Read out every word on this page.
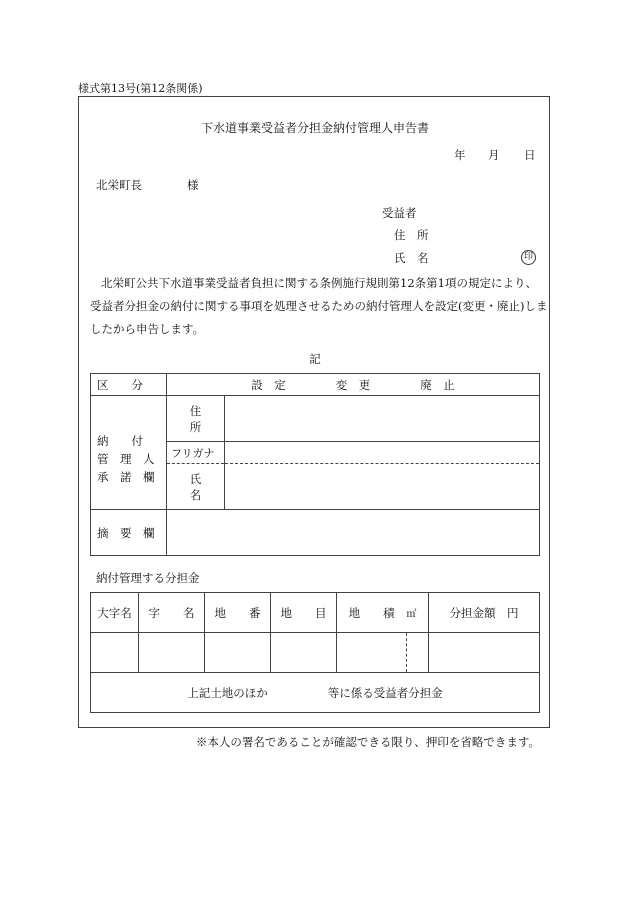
様式第13号(第12条関係)
下水道事業受益者分担金納付管理人申告書
年 月 日
北栄町長	様
受益者
住　所
氏　名	印
北栄町公共下水道事業受益者負担に関する条例施行規則第12条第1項の規定により、受益者分担金の納付に関する事項を処理させるための納付管理人を設定(変更・廃止)しましたから申告します。
記
区　　分	設　定 変　更 廃　止	

納　　付
管　理　人
承　諾　欄	住　　所	
	フリガナ	
	氏　　名	

摘　要　欄		

納付管理する分担金
大字名	字　　名	地　　番	地　　目	地　　積 ㎡	分担金額　円

上記土地のほか 等に係る受益者分担金					
※本人の署名であることが確認できる限り、押印を省略できます。
